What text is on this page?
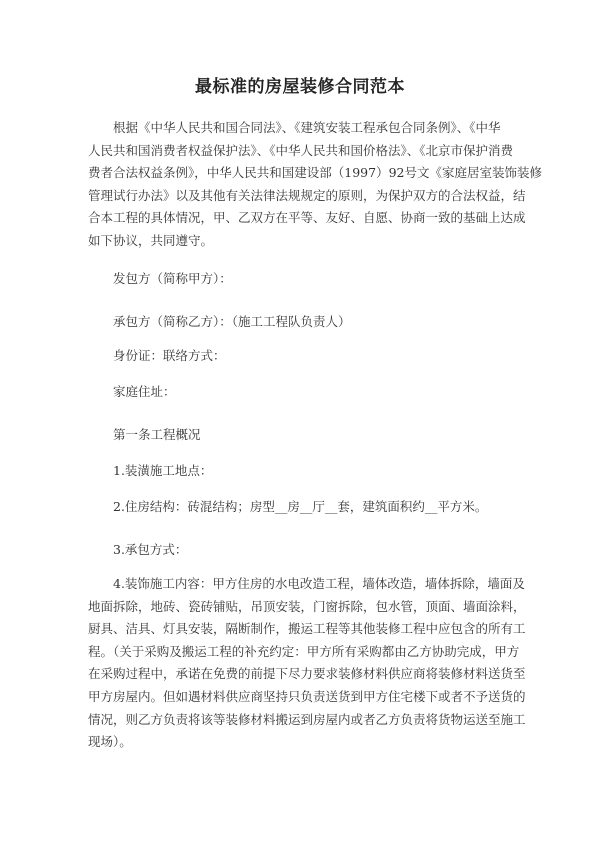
最标准的房屋装修合同范本
根据《中华人民共和国合同法》、《建筑安装工程承包合同条例》、《中华
人民共和国消费者权益保护法》、《中华人民共和国价格法》、《北京市保护消费
费者合法权益条例》，中华人民共和国建设部（1997）92号文《家庭居室装饰装修
管理试行办法》以及其他有关法律法规规定的原则，为保护双方的合法权益，结
合本工程的具体情况，甲、乙双方在平等、友好、自愿、协商一致的基础上达成
如下协议，共同遵守。
发包方（简称甲方）：
承包方（简称乙方）：（施工工程队负责人）
身份证：联络方式：
家庭住址：
第一条工程概况
1.装潢施工地点：
2.住房结构：砖混结构；房型__房__厅__套，建筑面积约__平方米。
3.承包方式：
4.装饰施工内容：甲方住房的水电改造工程，墙体改造，墙体拆除，墙面及
地面拆除，地砖、瓷砖铺贴，吊顶安装，门窗拆除，包水管，顶面、墙面涂料，
厨具、洁具、灯具安装，隔断制作，搬运工程等其他装修工程中应包含的所有工
程。（关于采购及搬运工程的补充约定：甲方所有采购都由乙方协助完成，甲方
在采购过程中，承诺在免费的前提下尽力要求装修材料供应商将装修材料送货至
甲方房屋内。但如遇材料供应商坚持只负责送货到甲方住宅楼下或者不予送货的
情况，则乙方负责将该等装修材料搬运到房屋内或者乙方负责将货物运送至施工
现场）。
